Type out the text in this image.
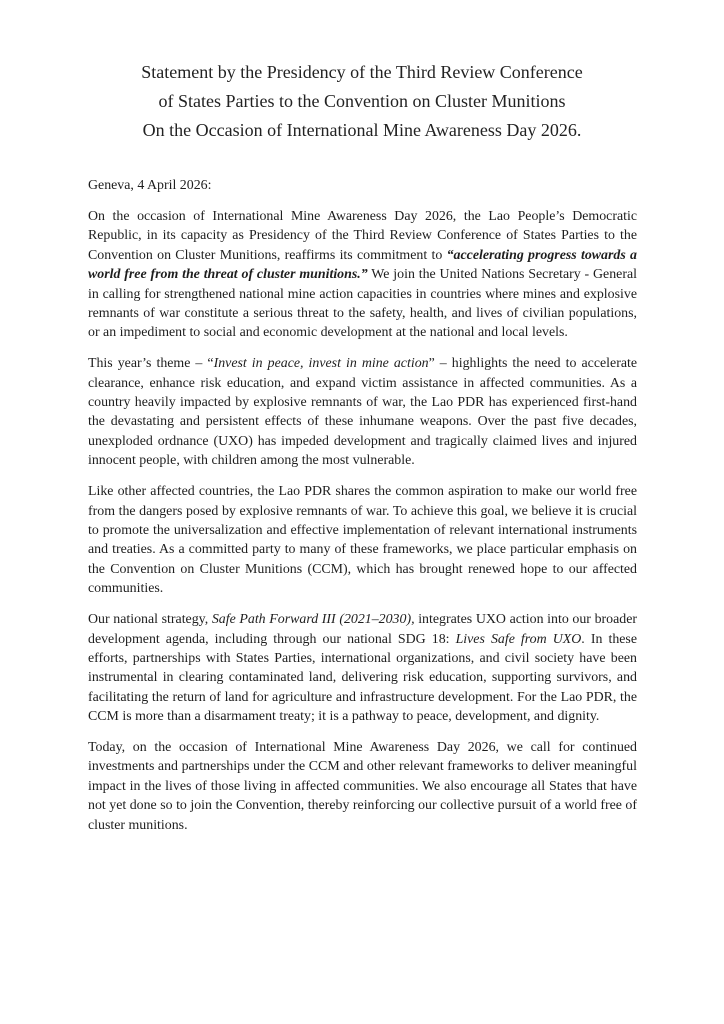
Statement by the Presidency of the Third Review Conference
of States Parties to the Convention on Cluster Munitions
On the Occasion of International Mine Awareness Day 2026.

Geneva, 4 April 2026:

On the occasion of International Mine Awareness Day 2026, the Lao People’s Democratic Republic, in its capacity as Presidency of the Third Review Conference of States Parties to the Convention on Cluster Munitions, reaffirms its commitment to “accelerating progress towards a world free from the threat of cluster munitions.” We join the United Nations Secretary - General in calling for strengthened national mine action capacities in countries where mines and explosive remnants of war constitute a serious threat to the safety, health, and lives of civilian populations, or an impediment to social and economic development at the national and local levels.

This year’s theme – “Invest in peace, invest in mine action” – highlights the need to accelerate clearance, enhance risk education, and expand victim assistance in affected communities. As a country heavily impacted by explosive remnants of war, the Lao PDR has experienced first-hand the devastating and persistent effects of these inhumane weapons. Over the past five decades, unexploded ordnance (UXO) has impeded development and tragically claimed lives and injured innocent people, with children among the most vulnerable.

Like other affected countries, the Lao PDR shares the common aspiration to make our world free from the dangers posed by explosive remnants of war. To achieve this goal, we believe it is crucial to promote the universalization and effective implementation of relevant international instruments and treaties. As a committed party to many of these frameworks, we place particular emphasis on the Convention on Cluster Munitions (CCM), which has brought renewed hope to our affected communities.

Our national strategy, Safe Path Forward III (2021–2030), integrates UXO action into our broader development agenda, including through our national SDG 18: Lives Safe from UXO. In these efforts, partnerships with States Parties, international organizations, and civil society have been instrumental in clearing contaminated land, delivering risk education, supporting survivors, and facilitating the return of land for agriculture and infrastructure development. For the Lao PDR, the CCM is more than a disarmament treaty; it is a pathway to peace, development, and dignity.

Today, on the occasion of International Mine Awareness Day 2026, we call for continued investments and partnerships under the CCM and other relevant frameworks to deliver meaningful impact in the lives of those living in affected communities. We also encourage all States that have not yet done so to join the Convention, thereby reinforcing our collective pursuit of a world free of cluster munitions.
